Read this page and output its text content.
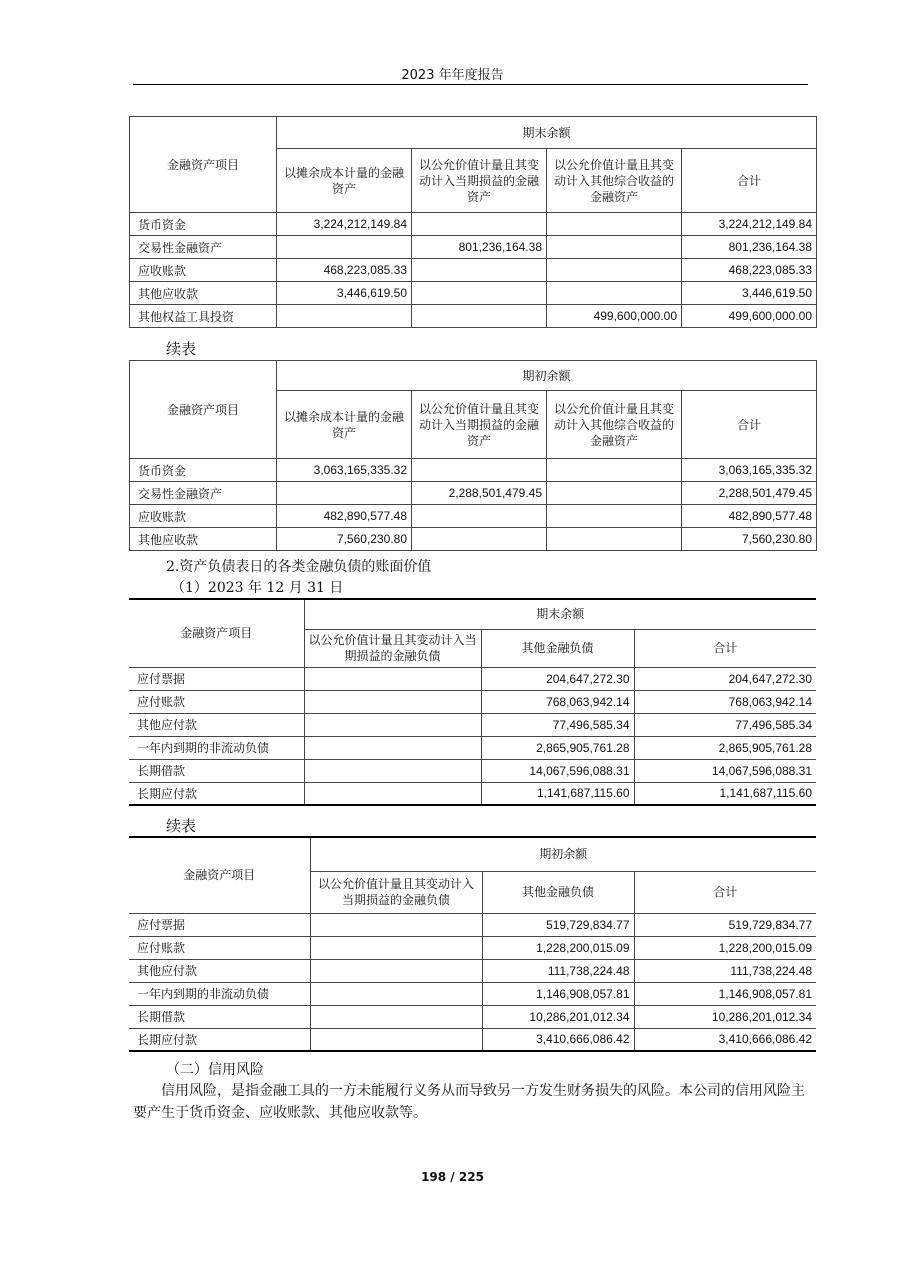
2023 年年度报告
金融资产项目	期末余额			
	以摊余成本计量的金融资产	以公允价值计量且其变动计入当期损益的金融资产	以公允价值计量且其变动计入其他综合收益的金融资产	合计
货币资金	3,224,212,149.84			3,224,212,149.84
交易性金融资产		801,236,164.38		801,236,164.38
应收账款	468,223,085.33			468,223,085.33
其他应收款	3,446,619.50			3,446,619.50
其他权益工具投资			499,600,000.00	499,600,000.00
续表
金融资产项目	期初余额			
	以摊余成本计量的金融资产	以公允价值计量且其变动计入当期损益的金融资产	以公允价值计量且其变动计入其他综合收益的金融资产	合计
货币资金	3,063,165,335.32			3,063,165,335.32
交易性金融资产		2,288,501,479.45		2,288,501,479.45
应收账款	482,890,577.48			482,890,577.48
其他应收款	7,560,230.80			7,560,230.80
2.资产负债表日的各类金融负债的账面价值
（1）2023 年 12 月 31 日
金融资产项目	期末余额		
	以公允价值计量且其变动计入当期损益的金融负债	其他金融负债	合计
应付票据		204,647,272.30	204,647,272.30
应付账款		768,063,942.14	768,063,942.14
其他应付款		77,496,585.34	77,496,585.34
一年内到期的非流动负债		2,865,905,761.28	2,865,905,761.28
长期借款		14,067,596,088.31	14,067,596,088.31
长期应付款		1,141,687,115.60	1,141,687,115.60
续表
金融资产项目	期初余额		
	以公允价值计量且其变动计入当期损益的金融负债	其他金融负债	合计
应付票据		519,729,834.77	519,729,834.77
应付账款		1,228,200,015.09	1,228,200,015.09
其他应付款		111,738,224.48	111,738,224.48
一年内到期的非流动负债		1,146,908,057.81	1,146,908,057.81
长期借款		10,286,201,012.34	10,286,201,012.34
长期应付款		3,410,666,086.42	3,410,666,086.42
（二）信用风险
信用风险，是指金融工具的一方未能履行义务从而导致另一方发生财务损失的风险。本公司的信用风险主要产生于货币资金、应收账款、其他应收款等。
198 / 225
